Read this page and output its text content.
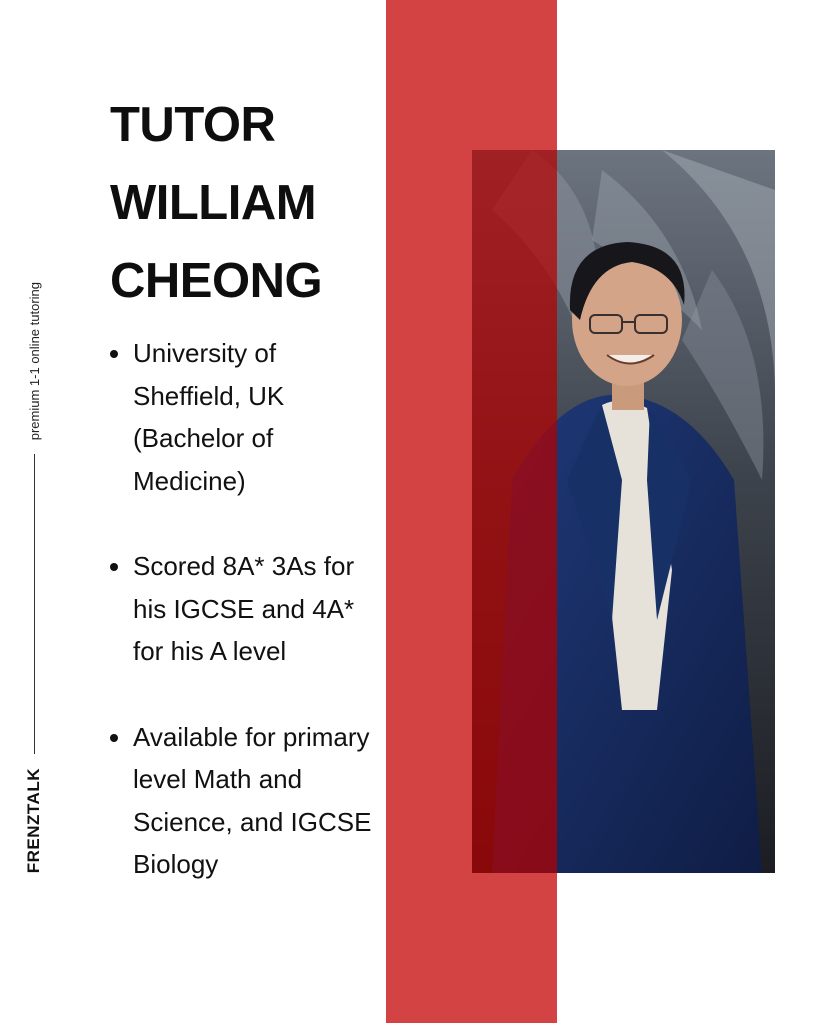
FRENZTALK
premium 1-1 online tutoring
TUTOR
WILLIAM
CHEONG
University of Sheffield, UK (Bachelor of Medicine)
Scored 8A* 3As for his IGCSE and 4A* for his A level
Available for primary level Math and Science, and IGCSE Biology
